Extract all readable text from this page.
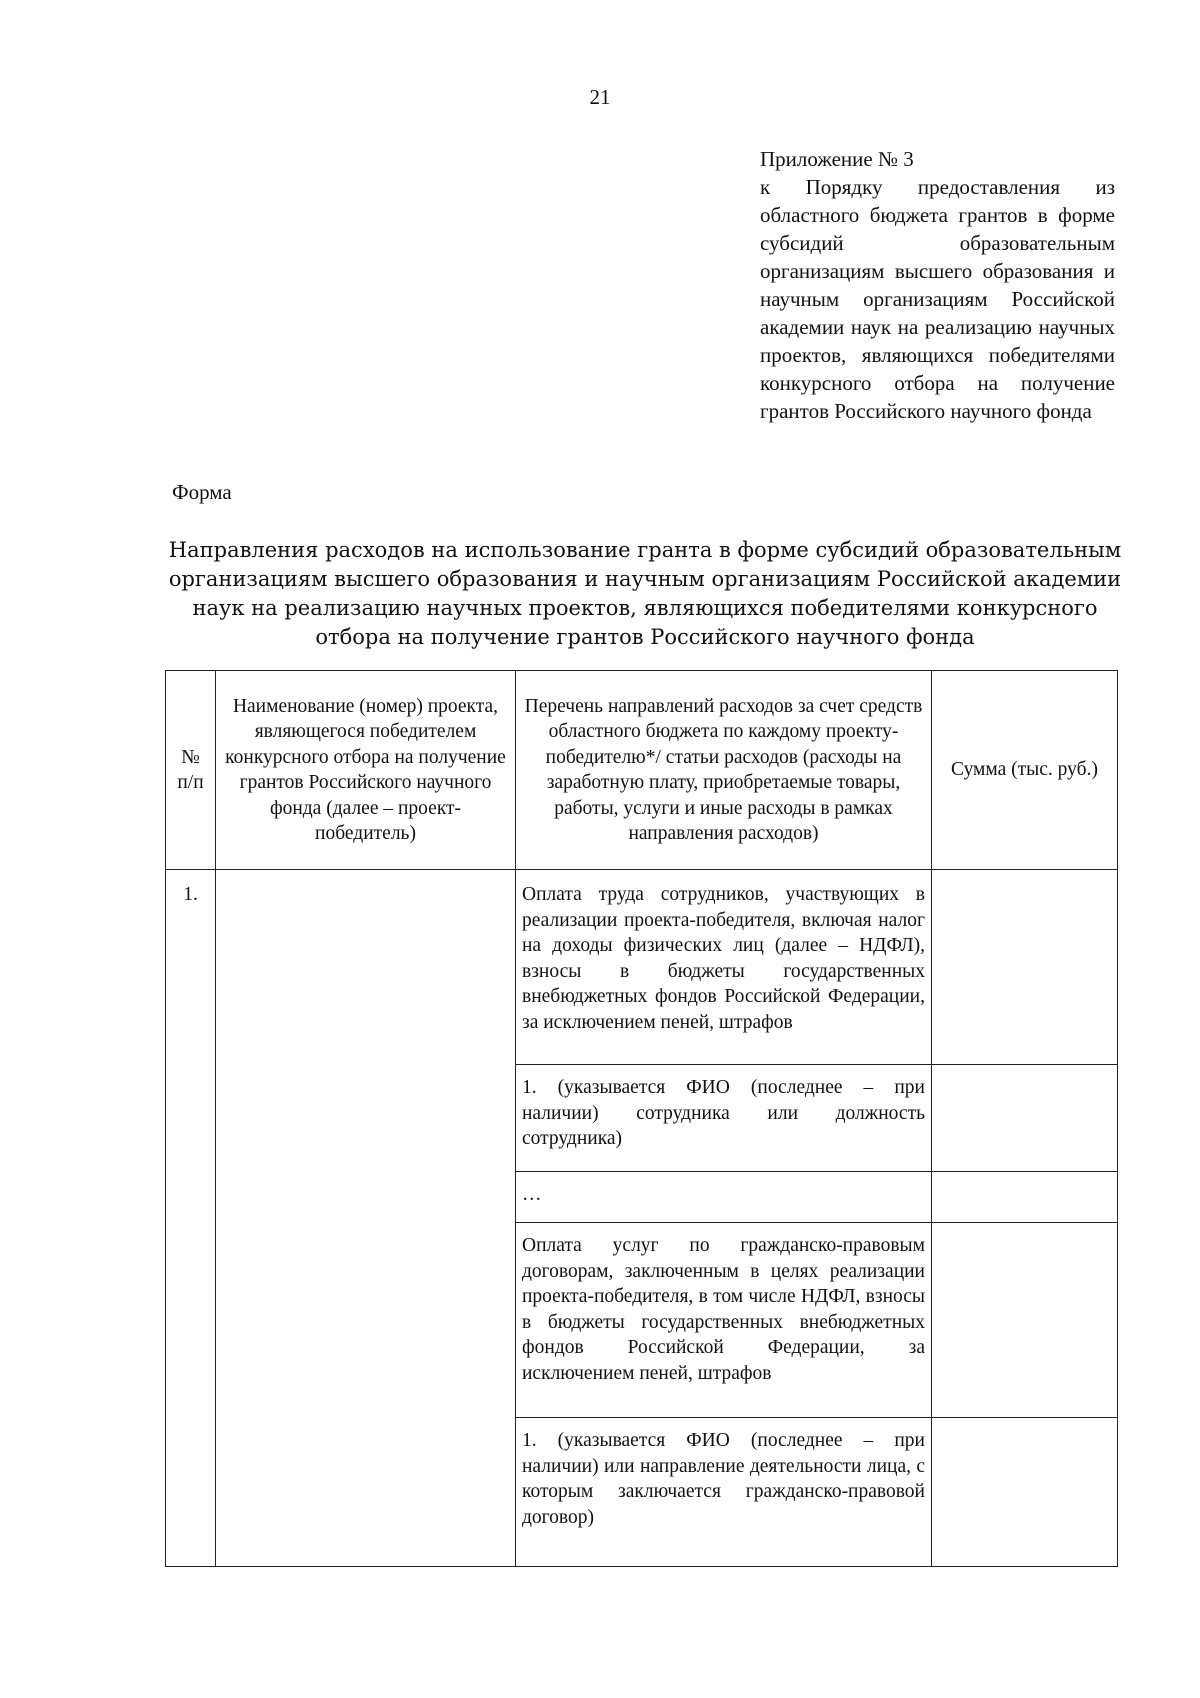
21
Приложение № 3
к Порядку предоставления из областного бюджета грантов в форме субсидий образовательным организациям высшего образования и научным организациям Российской академии наук на реализацию научных проектов, являющихся победителями конкурсного отбора на получение грантов Российского научного фонда
Форма
Направления расходов на использование гранта в форме субсидий образовательным организациям высшего образования и научным организациям Российской академии наук на реализацию научных проектов, являющихся победителями конкурсного отбора на получение грантов Российского научного фонда
№ п/п	Наименование (номер) проекта, являющегося победителем конкурсного отбора на получение грантов Российского научного фонда (далее – проект-победитель)	Перечень направлений расходов за счет средств областного бюджета по каждому проекту-победителю*/ статьи расходов (расходы на заработную плату, приобретаемые товары, работы, услуги и иные расходы в рамках направления расходов)	Сумма (тыс. руб.)
1.		Оплата труда сотрудников, участвующих в реализации проекта-победителя, включая налог на доходы физических лиц (далее – НДФЛ), взносы в бюджеты государственных внебюджетных фондов Российской Федерации, за исключением пеней, штрафов	
		1. (указывается ФИО (последнее – при наличии) сотрудника или должность сотрудника)	
		…	
		Оплата услуг по гражданско-правовым договорам, заключенным в целях реализации проекта-победителя, в том числе НДФЛ, взносы в бюджеты государственных внебюджетных фондов Российской Федерации, за исключением пеней, штрафов	
		1. (указывается ФИО (последнее – при наличии) или направление деятельности лица, с которым заключается гражданско-правовой договор)	
